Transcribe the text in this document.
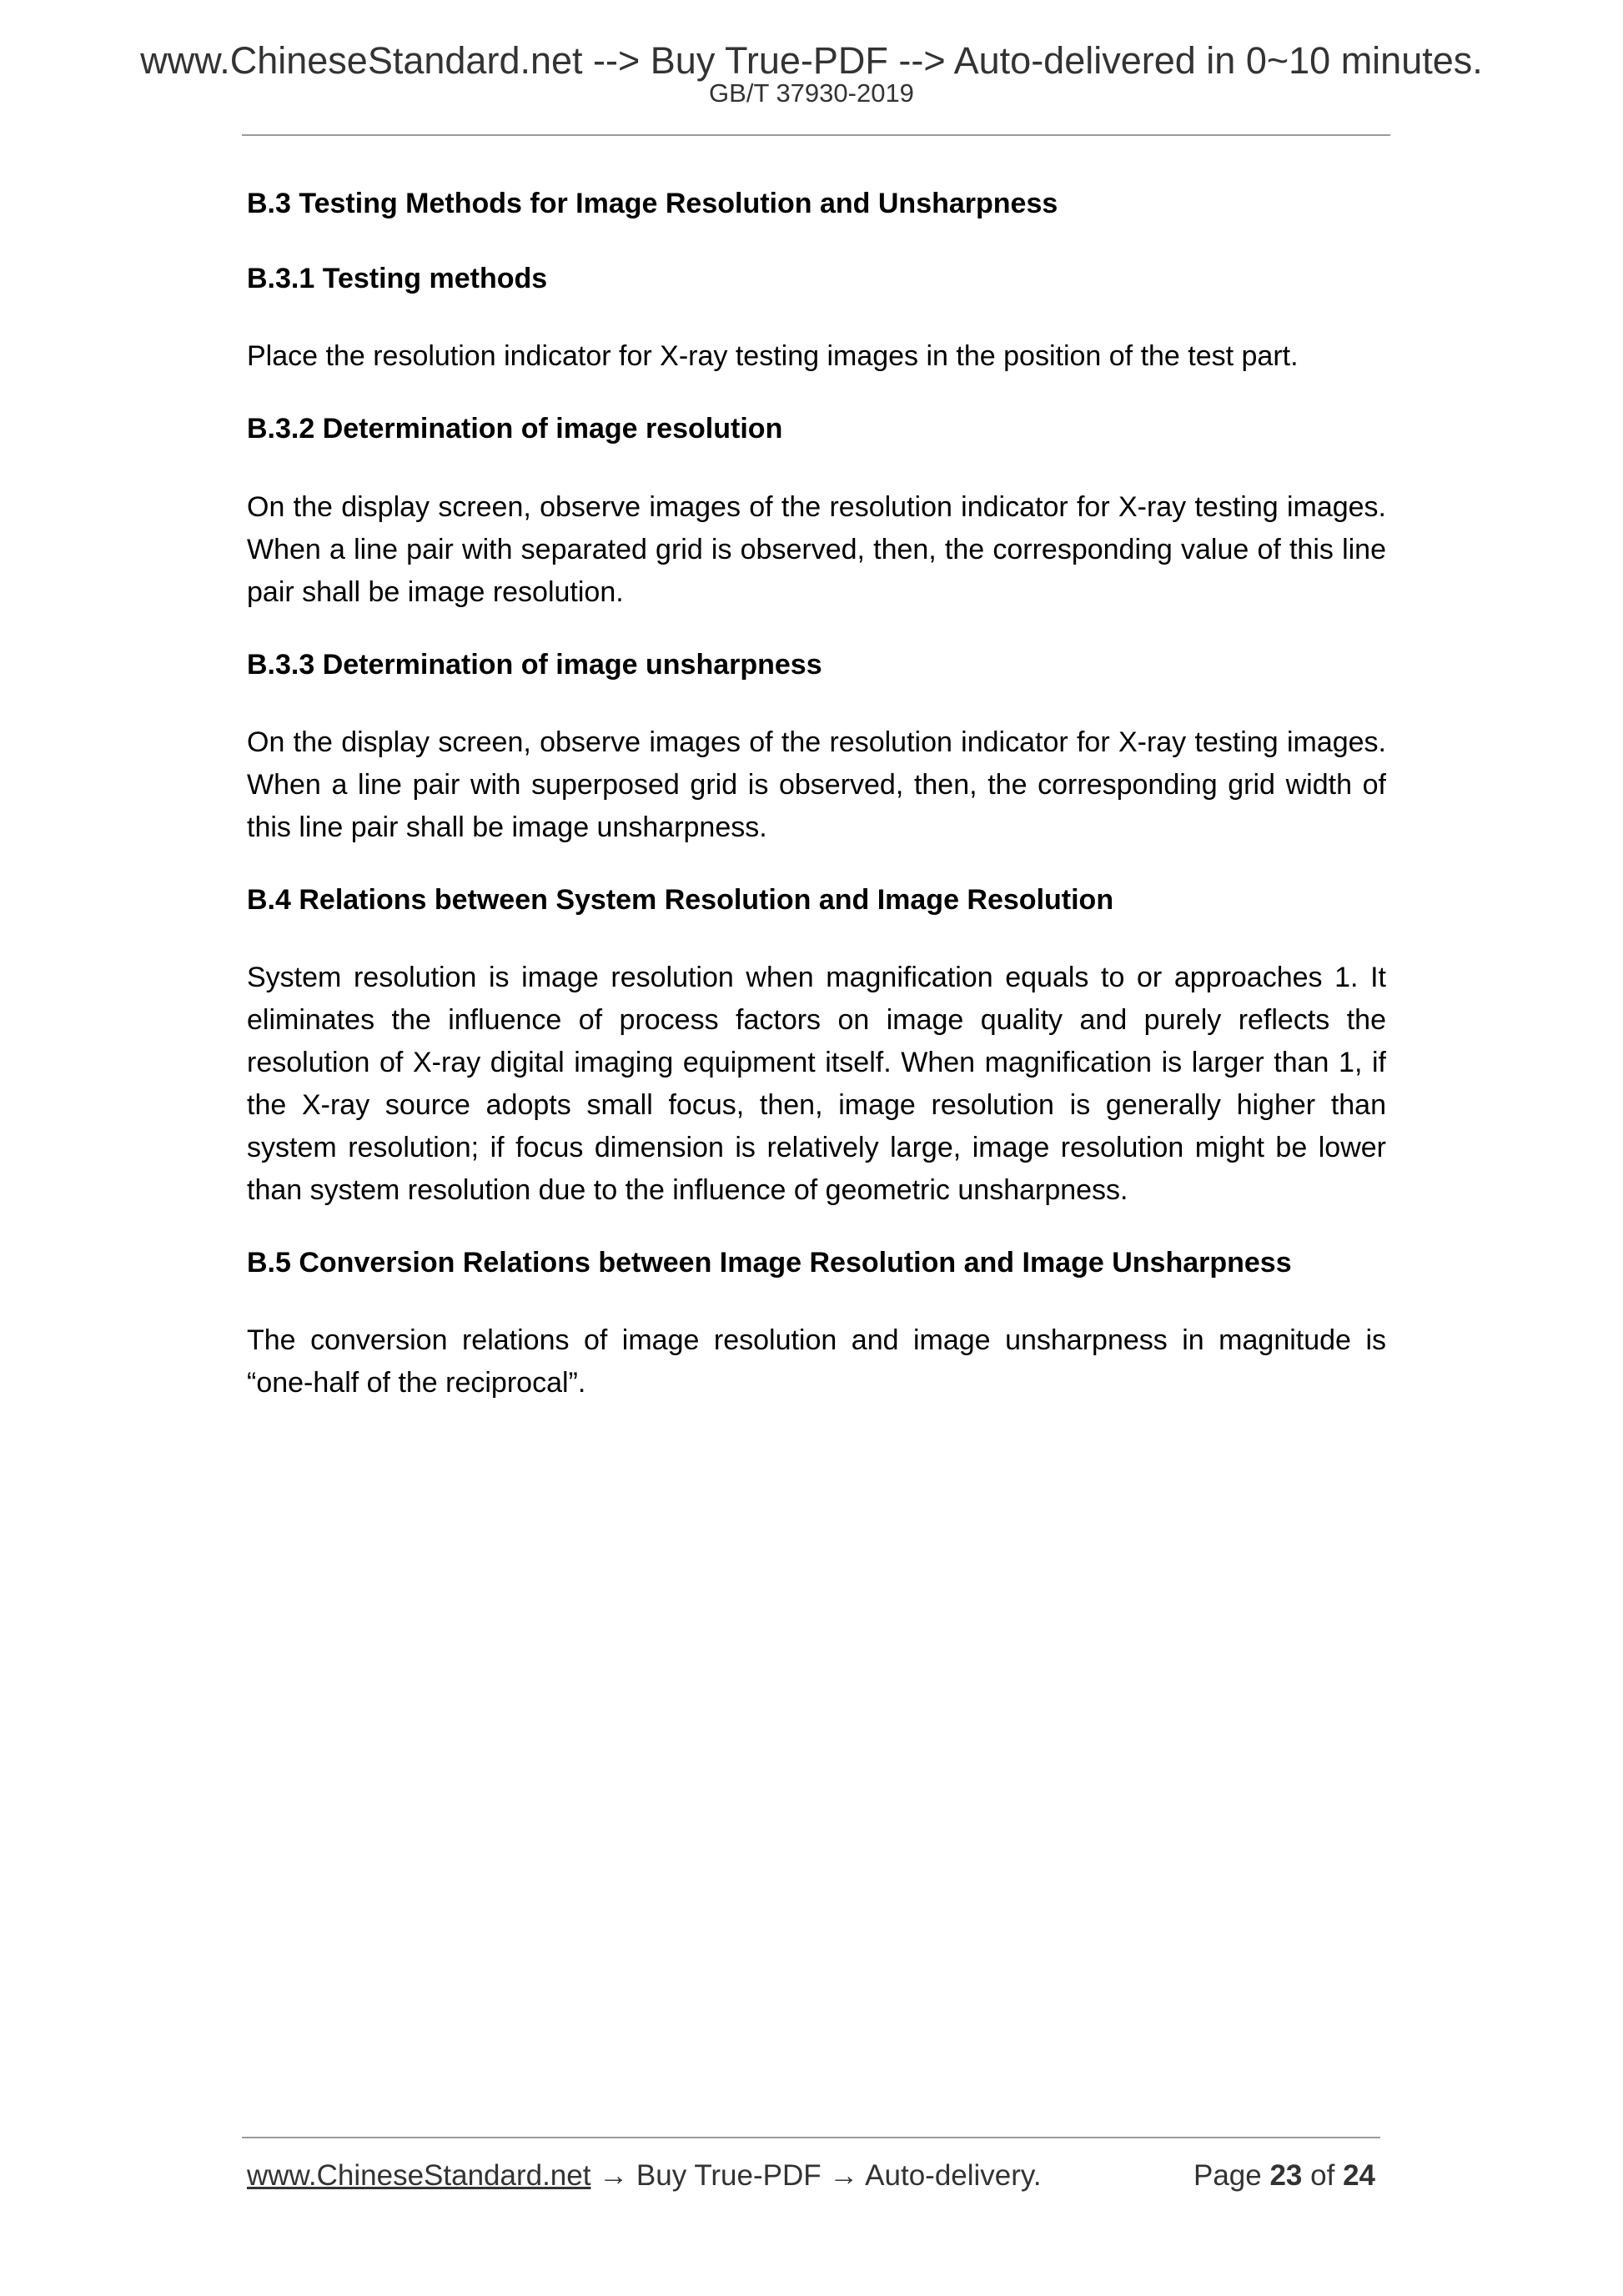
www.ChineseStandard.net --> Buy True-PDF --> Auto-delivered in 0~10 minutes.
GB/T 37930-2019
B.3 Testing Methods for Image Resolution and Unsharpness
B.3.1 Testing methods

Place the resolution indicator for X-ray testing images in the position of the test part.

B.3.2 Determination of image resolution

On the display screen, observe images of the resolution indicator for X-ray testing images. When a line pair with separated grid is observed, then, the corresponding value of this line pair shall be image resolution.

B.3.3 Determination of image unsharpness

On the display screen, observe images of the resolution indicator for X-ray testing images. When a line pair with superposed grid is observed, then, the corresponding grid width of this line pair shall be image unsharpness.

B.4 Relations between System Resolution and Image Resolution

System resolution is image resolution when magnification equals to or approaches 1. It eliminates the influence of process factors on image quality and purely reflects the resolution of X-ray digital imaging equipment itself. When magnification is larger than 1, if the X-ray source adopts small focus, then, image resolution is generally higher than system resolution; if focus dimension is relatively large, image resolution might be lower than system resolution due to the influence of geometric unsharpness.

B.5 Conversion Relations between Image Resolution and Image Unsharpness

The conversion relations of image resolution and image unsharpness in magnitude is “one-half of the reciprocal”.

www.ChineseStandard.net → Buy True-PDF → Auto-delivery.	Page 23 of 24
